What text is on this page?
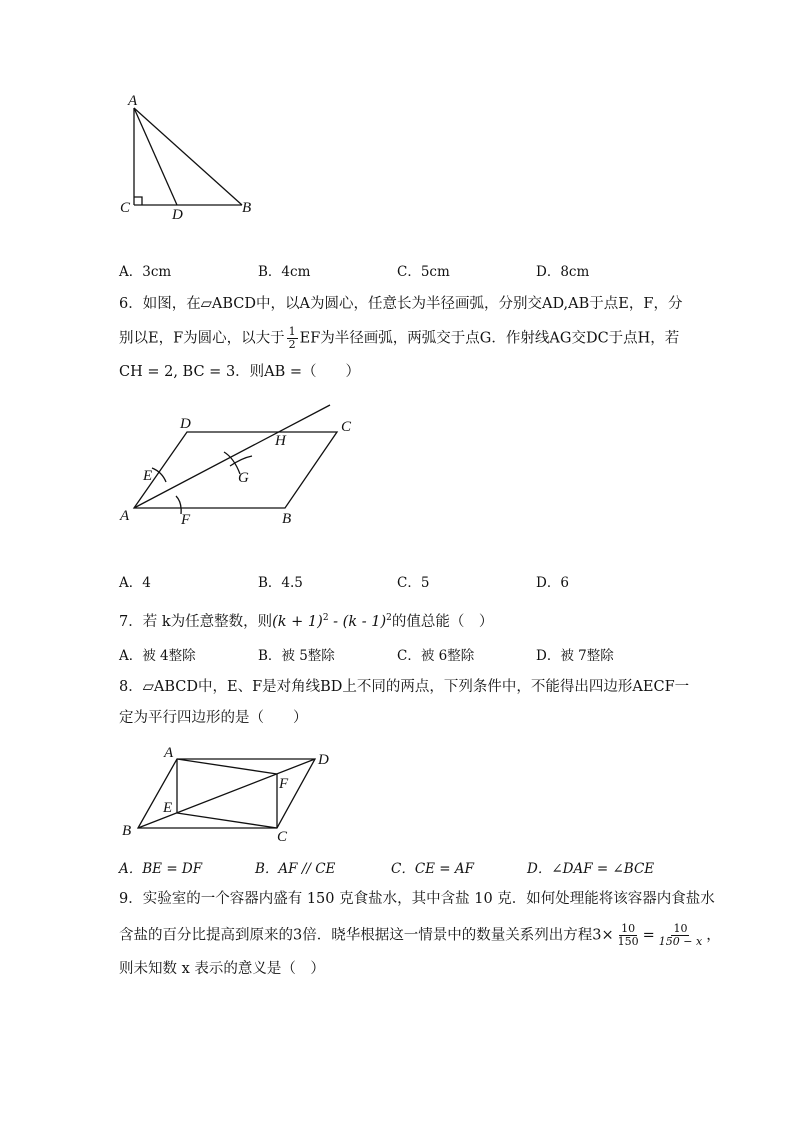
A
C	D	B
A．3cm	B．4cm	C．5cm	D．8cm
6．如图，在▱ABCD中，以A为圆心，任意长为半径画弧，分别交AD,AB于点E，F，分
别以E，F为圆心，以大于 $\frac{1}{2}$ EF为半径画弧，两弧交于点G．作射线AG交DC于点H，若
CH = 2, BC = 3．则AB =（　　）
D	C
H
E	G
A	F	B
A．4	B．4.5	C．5	D．6
7．若 k为任意整数，则$(k + 1)^2 - (k - 1)^2$的值总能（　）
A．被 4整除	B．被 5整除	C．被 6整除	D．被 7整除
8．▱ABCD中，E、F是对角线BD上不同的两点，下列条件中，不能得出四边形AECF一
定为平行四边形的是（　　）
A	D
F
E
B	C
A．BE = DF	B．AF // CE	C．CE = AF	D．∠DAF = ∠BCE
9．实验室的一个容器内盛有 150 克食盐水，其中含盐 10 克．如何处理能将该容器内食盐水
含盐的百分比提高到原来的3倍．晓华根据这一情景中的数量关系列出方程$3\times \frac{10}{150} = \frac{10}{150 - x}$ ，
则未知数 x 表示的意义是（　）
